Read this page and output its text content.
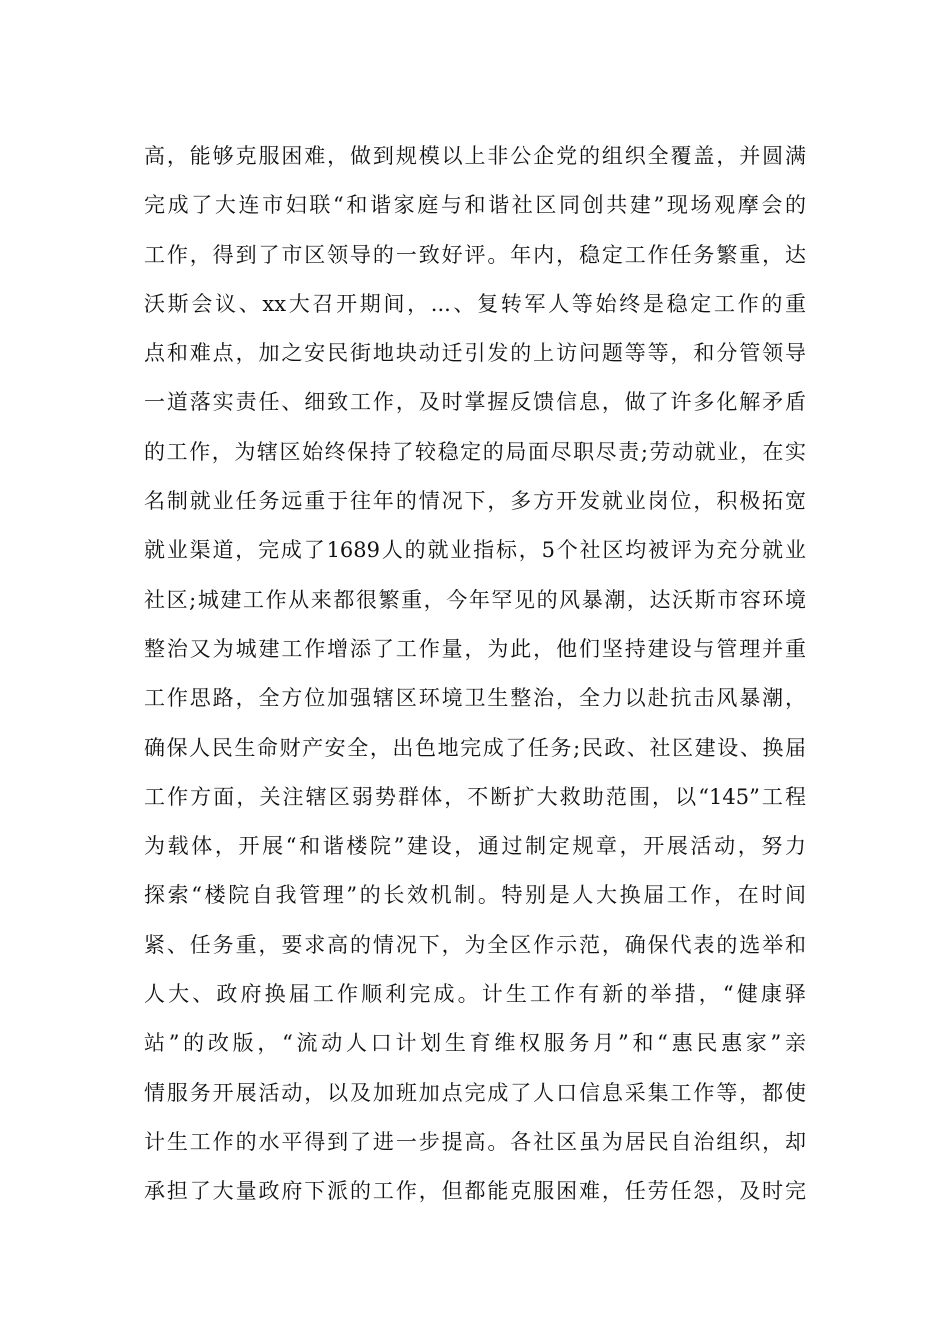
高，能够克服困难，做到规模以上非公企党的组织全覆盖，并圆满
完成了大连市妇联“和谐家庭与和谐社区同创共建”现场观摩会的
工作，得到了市区领导的一致好评。年内，稳定工作任务繁重，达
沃斯会议、xx大召开期间，...、复转军人等始终是稳定工作的重
点和难点，加之安民街地块动迁引发的上访问题等等，和分管领导
一道落实责任、细致工作，及时掌握反馈信息，做了许多化解矛盾
的工作，为辖区始终保持了较稳定的局面尽职尽责;劳动就业，在实
名制就业任务远重于往年的情况下，多方开发就业岗位，积极拓宽
就业渠道，完成了1689人的就业指标，5个社区均被评为充分就业
社区;城建工作从来都很繁重，今年罕见的风暴潮，达沃斯市容环境
整治又为城建工作增添了工作量，为此，他们坚持建设与管理并重
工作思路，全方位加强辖区环境卫生整治，全力以赴抗击风暴潮，
确保人民生命财产安全，出色地完成了任务;民政、社区建设、换届
工作方面，关注辖区弱势群体，不断扩大救助范围，以“145”工程
为载体，开展“和谐楼院”建设，通过制定规章，开展活动，努力
探索“楼院自我管理”的长效机制。特别是人大换届工作，在时间
紧、任务重，要求高的情况下，为全区作示范，确保代表的选举和
人大、政府换届工作顺利完成。计生工作有新的举措，“健康驿
站”的改版，“流动人口计划生育维权服务月”和“惠民惠家”亲
情服务开展活动，以及加班加点完成了人口信息采集工作等，都使
计生工作的水平得到了进一步提高。各社区虽为居民自治组织，却
承担了大量政府下派的工作，但都能克服困难，任劳任怨，及时完
